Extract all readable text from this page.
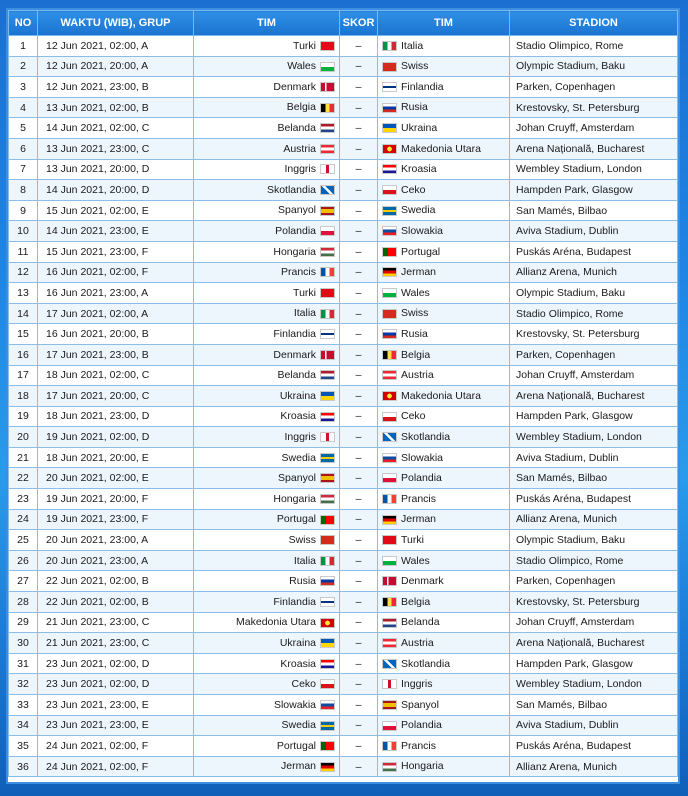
NO	WAKTU (WIB), GRUP	TIM	SKOR	TIM	STADION
1	12 Jun 2021, 02:00, A	Turki	–	Italia	Stadio Olimpico, Rome
2	12 Jun 2021, 20:00, A	Wales	–	Swiss	Olympic Stadium, Baku
3	12 Jun 2021, 23:00, B	Denmark	–	Finlandia	Parken, Copenhagen
4	13 Jun 2021, 02:00, B	Belgia	–	Rusia	Krestovsky, St. Petersburg
5	14 Jun 2021, 02:00, C	Belanda	–	Ukraina	Johan Cruyff, Amsterdam
6	13 Jun 2021, 23:00, C	Austria	–	Makedonia Utara	Arena Națională, Bucharest
7	13 Jun 2021, 20:00, D	Inggris	–	Kroasia	Wembley Stadium, London
8	14 Jun 2021, 20:00, D	Skotlandia	–	Ceko	Hampden Park, Glasgow
9	15 Jun 2021, 02:00, E	Spanyol	–	Swedia	San Mamés, Bilbao
10	14 Jun 2021, 23:00, E	Polandia	–	Slowakia	Aviva Stadium, Dublin
11	15 Jun 2021, 23:00, F	Hongaria	–	Portugal	Puskás Aréna, Budapest
12	16 Jun 2021, 02:00, F	Prancis	–	Jerman	Allianz Arena, Munich
13	16 Jun 2021, 23:00, A	Turki	–	Wales	Olympic Stadium, Baku
14	17 Jun 2021, 02:00, A	Italia	–	Swiss	Stadio Olimpico, Rome
15	16 Jun 2021, 20:00, B	Finlandia	–	Rusia	Krestovsky, St. Petersburg
16	17 Jun 2021, 23:00, B	Denmark	–	Belgia	Parken, Copenhagen
17	18 Jun 2021, 02:00, C	Belanda	–	Austria	Johan Cruyff, Amsterdam
18	17 Jun 2021, 20:00, C	Ukraina	–	Makedonia Utara	Arena Națională, Bucharest
19	18 Jun 2021, 23:00, D	Kroasia	–	Ceko	Hampden Park, Glasgow
20	19 Jun 2021, 02:00, D	Inggris	–	Skotlandia	Wembley Stadium, London
21	18 Jun 2021, 20:00, E	Swedia	–	Slowakia	Aviva Stadium, Dublin
22	20 Jun 2021, 02:00, E	Spanyol	–	Polandia	San Mamés, Bilbao
23	19 Jun 2021, 20:00, F	Hongaria	–	Prancis	Puskás Aréna, Budapest
24	19 Jun 2021, 23:00, F	Portugal	–	Jerman	Allianz Arena, Munich
25	20 Jun 2021, 23:00, A	Swiss	–	Turki	Olympic Stadium, Baku
26	20 Jun 2021, 23:00, A	Italia	–	Wales	Stadio Olimpico, Rome
27	22 Jun 2021, 02:00, B	Rusia	–	Denmark	Parken, Copenhagen
28	22 Jun 2021, 02:00, B	Finlandia	–	Belgia	Krestovsky, St. Petersburg
29	21 Jun 2021, 23:00, C	Makedonia Utara	–	Belanda	Johan Cruyff, Amsterdam
30	21 Jun 2021, 23:00, C	Ukraina	–	Austria	Arena Națională, Bucharest
31	23 Jun 2021, 02:00, D	Kroasia	–	Skotlandia	Hampden Park, Glasgow
32	23 Jun 2021, 02:00, D	Ceko	–	Inggris	Wembley Stadium, London
33	23 Jun 2021, 23:00, E	Slowakia	–	Spanyol	San Mamés, Bilbao
34	23 Jun 2021, 23:00, E	Swedia	–	Polandia	Aviva Stadium, Dublin
35	24 Jun 2021, 02:00, F	Portugal	–	Prancis	Puskás Aréna, Budapest
36	24 Jun 2021, 02:00, F	Jerman	–	Hongaria	Allianz Arena, Munich
